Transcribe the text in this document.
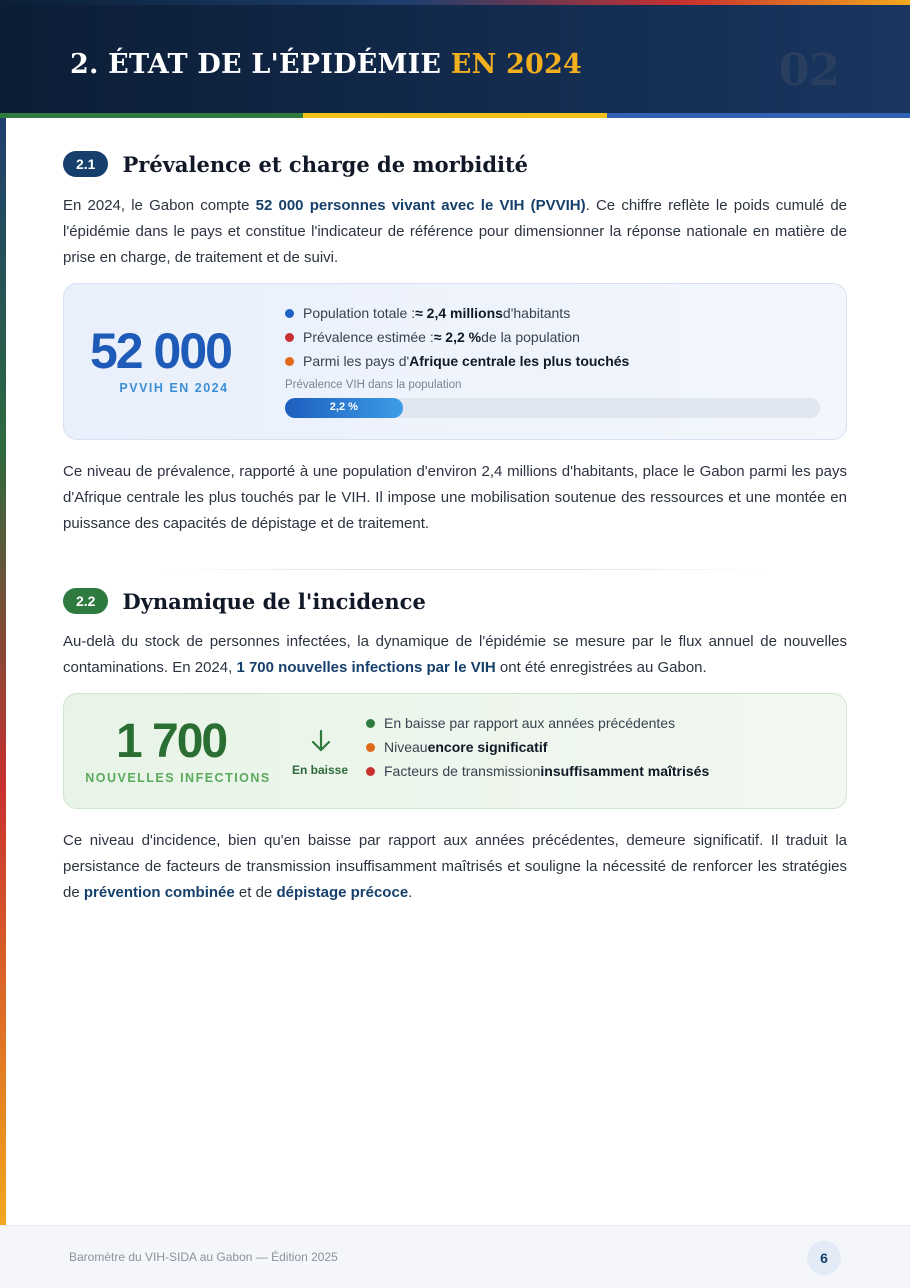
2. ÉTAT DE L'ÉPIDÉMIE EN 2024	02
2.1	Prévalence et charge de morbidité

En 2024, le Gabon compte 52 000 personnes vivant avec le VIH (PVVIH). Ce chiffre reflète le poids cumulé de l'épidémie dans le pays et constitue l'indicateur de référence pour dimensionner la réponse nationale en matière de prise en charge, de traitement et de suivi.

52 000
PVVIH EN 2024
Population totale : ≈ 2,4 millions d'habitants
Prévalence estimée : ≈ 2,2 % de la population
Parmi les pays d' Afrique centrale les plus touchés
Prévalence VIH dans la population
2,2 %

Ce niveau de prévalence, rapporté à une population d'environ 2,4 millions d'habitants, place le Gabon parmi les pays d'Afrique centrale les plus touchés par le VIH. Il impose une mobilisation soutenue des ressources et une montée en puissance des capacités de dépistage et de traitement.

2.2	Dynamique de l'incidence

Au-delà du stock de personnes infectées, la dynamique de l'épidémie se mesure par le flux annuel de nouvelles contaminations. En 2024, 1 700 nouvelles infections par le VIH ont été enregistrées au Gabon.

1 700
NOUVELLES INFECTIONS
En baisse
En baisse par rapport aux années précédentes
Niveau encore significatif
Facteurs de transmission insuffisamment maîtrisés

Ce niveau d'incidence, bien qu'en baisse par rapport aux années précédentes, demeure significatif. Il traduit la persistance de facteurs de transmission insuffisamment maîtrisés et souligne la nécessité de renforcer les stratégies de prévention combinée et de dépistage précoce.

Baromètre du VIH-SIDA au Gabon — Édition 2025	6
